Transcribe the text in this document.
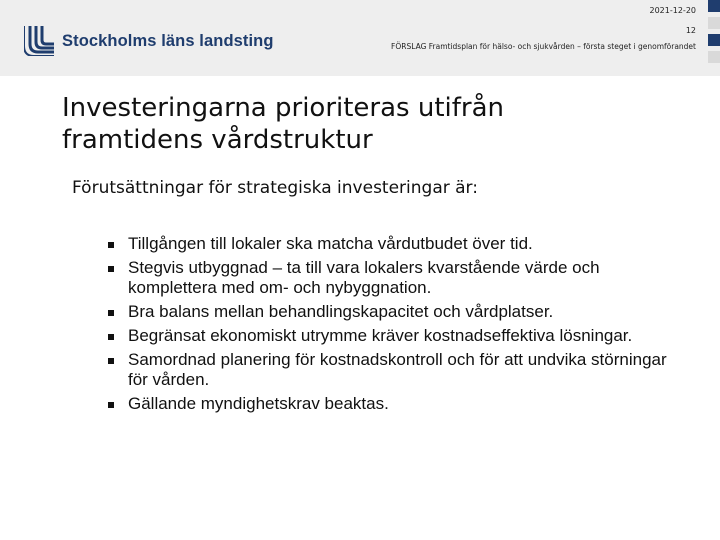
Stockholms läns landsting
2021-12-20
12
FÖRSLAG Framtidsplan för hälso- och sjukvården – första steget i genomförandet
Investeringarna prioriteras utifrån framtidens vårdstruktur

Förutsättningar för strategiska investeringar är:

Tillgången till lokaler ska matcha vårdutbudet över tid.
Stegvis utbyggnad – ta till vara lokalers kvarstående värde och komplettera med om- och nybyggnation.
Bra balans mellan behandlingskapacitet och vårdplatser.
Begränsat ekonomiskt utrymme kräver kostnadseffektiva lösningar.
Samordnad planering för kostnadskontroll och för att undvika störningar för vården.
Gällande myndighetskrav beaktas.
